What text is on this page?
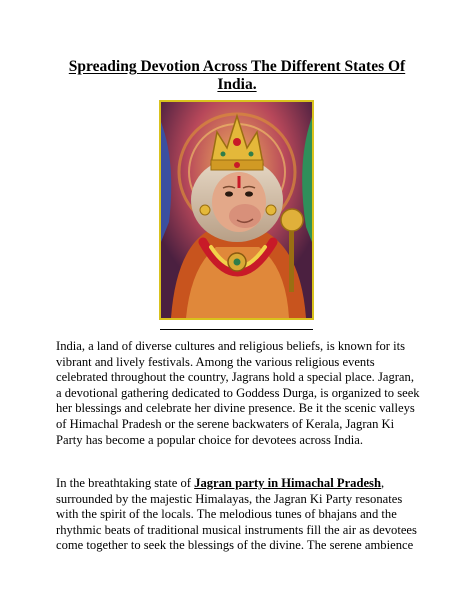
Spreading Devotion Across The Different States Of India.

India, a land of diverse cultures and religious beliefs, is known for its vibrant and lively festivals. Among the various religious events celebrated throughout the country, Jagrans hold a special place. Jagran, a devotional gathering dedicated to Goddess Durga, is organized to seek her blessings and celebrate her divine presence. Be it the scenic valleys of Himachal Pradesh or the serene backwaters of Kerala, Jagran Ki Party has become a popular choice for devotees across India.

In the breathtaking state of Jagran party in Himachal Pradesh, surrounded by the majestic Himalayas, the Jagran Ki Party resonates with the spirit of the locals. The melodious tunes of bhajans and the rhythmic beats of traditional musical instruments fill the air as devotees come together to seek the blessings of the divine. The serene ambience
